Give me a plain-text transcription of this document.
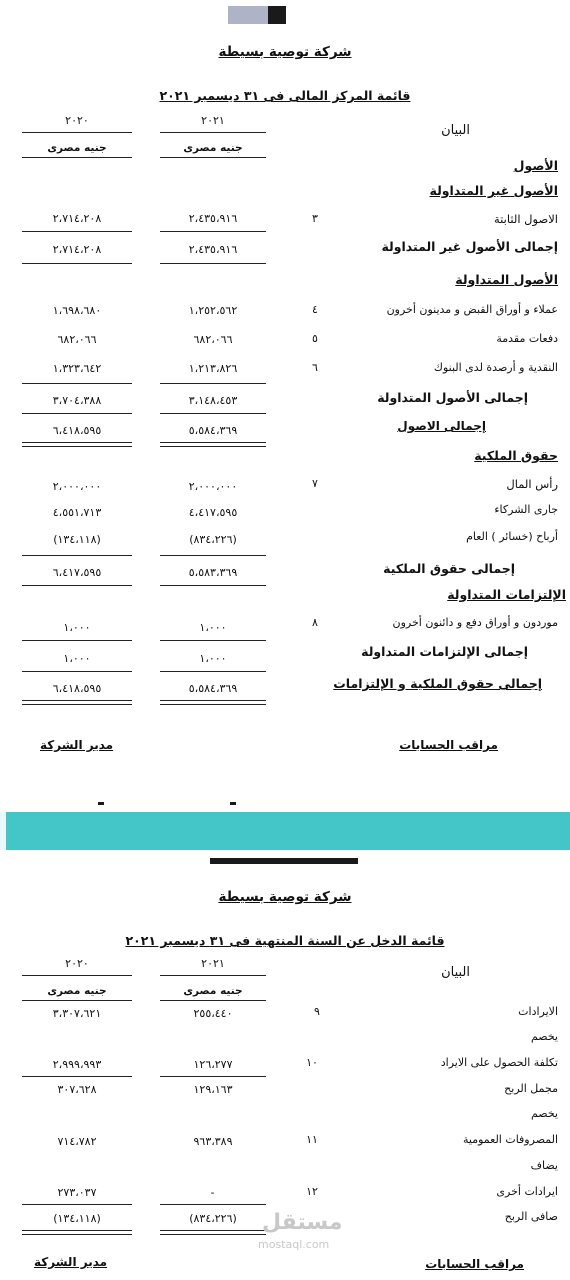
شركة توصية بسيطة
قائمة المركز المالى فى ٣١ ديسمبر ٢٠٢١
٢٠٢١
٢٠٢٠
جنيه مصرى
جنيه مصرى
البيان
الأصول
الأصول غير المتداولة
الاصول الثابتة
٣
٢،٤٣٥،٩١٦
٢،٧١٤،٢٠٨
إجمالى الأصول غير المتداولة
٢،٤٣٥،٩١٦
٢،٧١٤،٢٠٨
الأصول المتداولة
عملاء و أوراق القبض و مدينون أخرون
٤
١،٢٥٢،٥٦٢
١،٦٩٨،٦٨٠
دفعات مقدمة
٥
٦٨٢،٠٦٦
٦٨٢،٠٦٦
النقدية و أرصدة لدى البنوك
٦
١،٢١٣،٨٢٦
١،٣٢٣،٦٤٢
إجمالى الأصول المتداولة
٣،١٤٨،٤٥٣
٣،٧٠٤،٣٨٨
إجمالى الاصول
٥،٥٨٤،٣٦٩
٦،٤١٨،٥٩٥
حقوق الملكية
رأس المال
٧
٢،٠٠٠،٠٠٠
٢،٠٠٠،٠٠٠
جارى الشركاء
٤،٤١٧،٥٩٥
٤،٥٥١،٧١٣
أرباح (خسائر ) العام
(٨٣٤،٢٢٦)
(١٣٤،١١٨)
إجمالى حقوق الملكية
٥،٥٨٣،٣٦٩
٦،٤١٧،٥٩٥
الإلتزامات المتداولة
موردون و أوراق دفع و دائنون أخرون
٨
١،٠٠٠
١،٠٠٠
إجمالى الإلتزامات المتداولة
١،٠٠٠
١،٠٠٠
إجمالى حقوق الملكية و الإلتزامات
٥،٥٨٤،٣٦٩
٦،٤١٨،٥٩٥
مراقب الحسابات
مدير الشركة
شركة توصية بسيطة
قائمة الدخل عن السنة المنتهية فى ٣١ ديسمبر ٢٠٢١
٢٠٢١
٢٠٢٠
جنيه مصرى
جنيه مصرى
البيان
الايرادات
٩
٢٥٥،٤٤٠
٣،٣٠٧،٦٢١
يخصم
تكلفة الحصول على الايراد
١٠
١٢٦،٢٧٧
٢،٩٩٩،٩٩٣
مجمل الربح
١٢٩،١٦٣
٣٠٧،٦٢٨
يخصم
المصروفات العمومية
١١
٩٦٣،٣٨٩
٧١٤،٧٨٢
يضاف
ايرادات أخرى
١٢
-
٢٧٣،٠٣٧
صافى الربح
(٨٣٤،٢٢٦)
(١٣٤،١١٨)	مستقل
mostaql.com
مراقب الحسابات
مدير الشركة
